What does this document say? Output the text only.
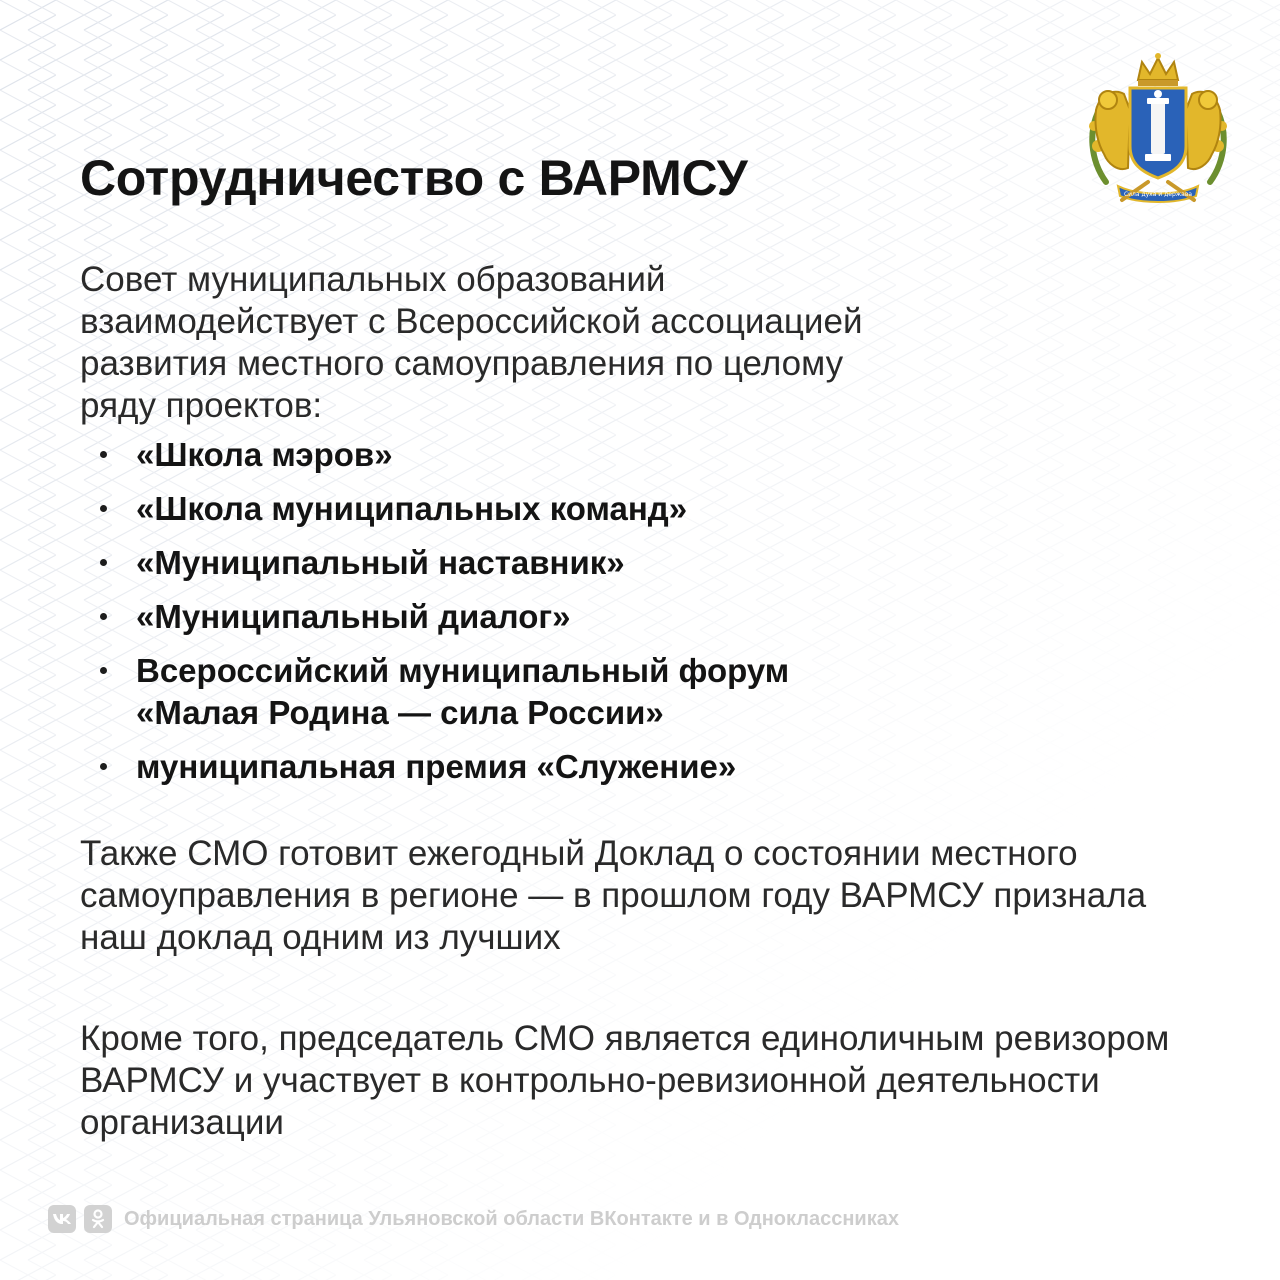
Сила духа и держава
Сотрудничество с ВАРМСУ

Совет муниципальных образований взаимодействует с Всероссийской ассоциацией развития местного самоуправления по целому ряду проектов:

«Школа мэров»
«Школа муниципальных команд»
«Муниципальный наставник»
«Муниципальный диалог»
Всероссийский муниципальный форум «Малая Родина — сила России»
муниципальная премия «Служение»

Также СМО готовит ежегодный Доклад о состоянии местного самоуправления в регионе — в прошлом году ВАРМСУ признала наш доклад одним из лучших

Кроме того, председатель СМО является единоличным ревизором ВАРМСУ и участвует в контрольно-ревизионной деятельности организации

Официальная страница Ульяновской области ВКонтакте и в Одноклассниках
